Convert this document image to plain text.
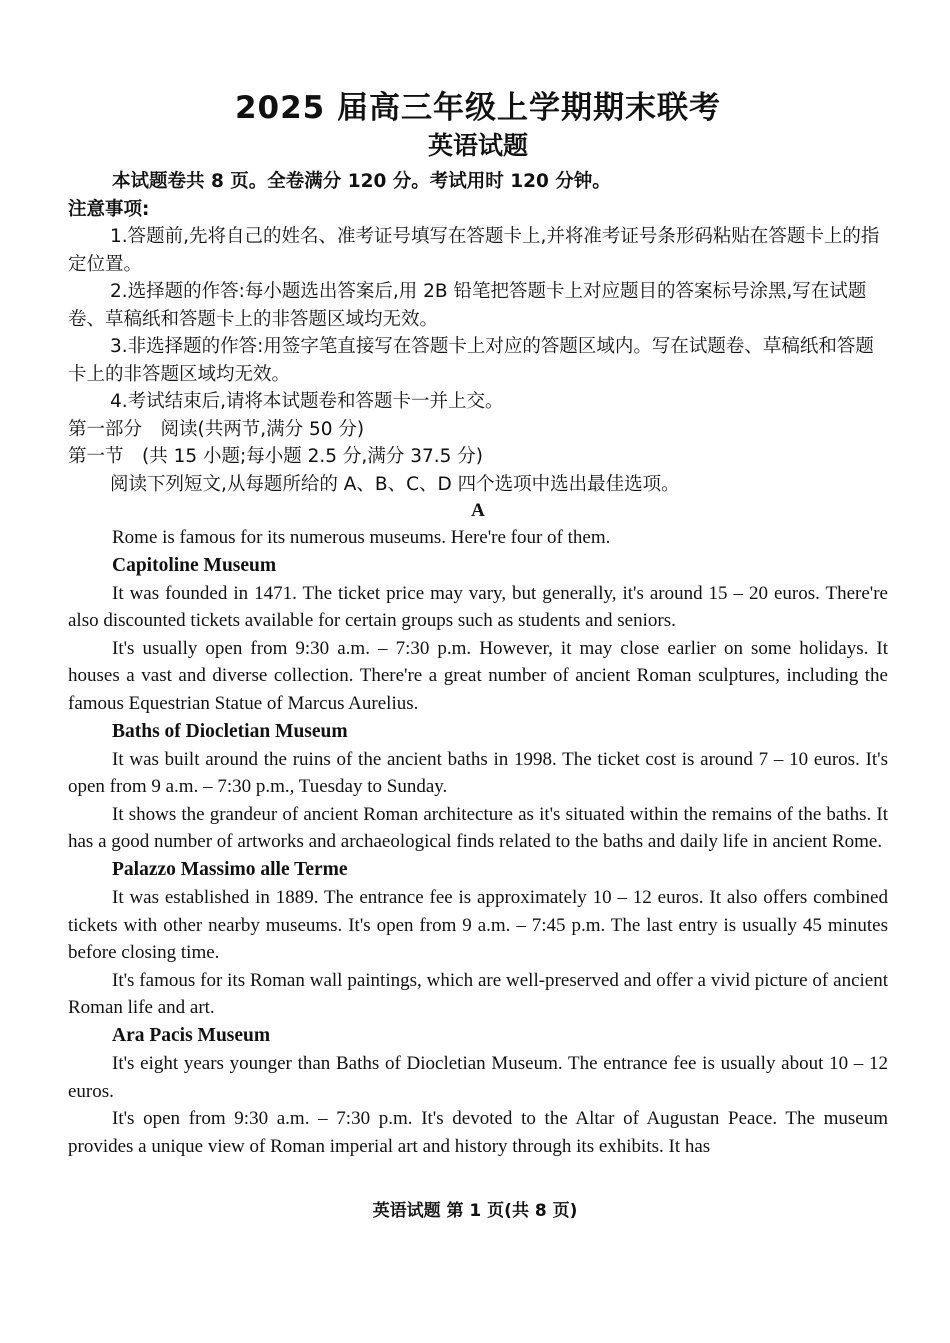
2025 届高三年级上学期期末联考
英语试题

本试题卷共 8 页。全卷满分 120 分。考试用时 120 分钟。

注意事项:

1.答题前,先将自己的姓名、准考证号填写在答题卡上,并将准考证号条形码粘贴在答题卡上的指定位置。

2.选择题的作答:每小题选出答案后,用 2B 铅笔把答题卡上对应题目的答案标号涂黑,写在试题卷、草稿纸和答题卡上的非答题区域均无效。

3.非选择题的作答:用签字笔直接写在答题卡上对应的答题区域内。写在试题卷、草稿纸和答题卡上的非答题区域均无效。

4.考试结束后,请将本试题卷和答题卡一并上交。

第一部分　阅读(共两节,满分 50 分)

第一节　(共 15 小题;每小题 2.5 分,满分 37.5 分)

阅读下列短文,从每题所给的 A、B、C、D 四个选项中选出最佳选项。

A

Rome is famous for its numerous museums. Here're four of them.

Capitoline Museum

It was founded in 1471. The ticket price may vary, but generally, it's around 15 – 20 euros. There're also discounted tickets available for certain groups such as students and seniors.

It's usually open from 9:30 a.m. – 7:30 p.m. However, it may close earlier on some holidays. It houses a vast and diverse collection. There're a great number of ancient Roman sculptures, including the famous Equestrian Statue of Marcus Aurelius.

Baths of Diocletian Museum

It was built around the ruins of the ancient baths in 1998. The ticket cost is around 7 – 10 euros. It's open from 9 a.m. – 7:30 p.m., Tuesday to Sunday.

It shows the grandeur of ancient Roman architecture as it's situated within the remains of the baths. It has a good number of artworks and archaeological finds related to the baths and daily life in ancient Rome.

Palazzo Massimo alle Terme

It was established in 1889. The entrance fee is approximately 10 – 12 euros. It also offers combined tickets with other nearby museums. It's open from 9 a.m. – 7:45 p.m. The last entry is usually 45 minutes before closing time.

It's famous for its Roman wall paintings, which are well-preserved and offer a vivid picture of ancient Roman life and art.

Ara Pacis Museum

It's eight years younger than Baths of Diocletian Museum. The entrance fee is usually about 10 – 12 euros.

It's open from 9:30 a.m. – 7:30 p.m. It's devoted to the Altar of Augustan Peace. The museum provides a unique view of Roman imperial art and history through its exhibits. It has

英语试题 第 1 页(共 8 页)
